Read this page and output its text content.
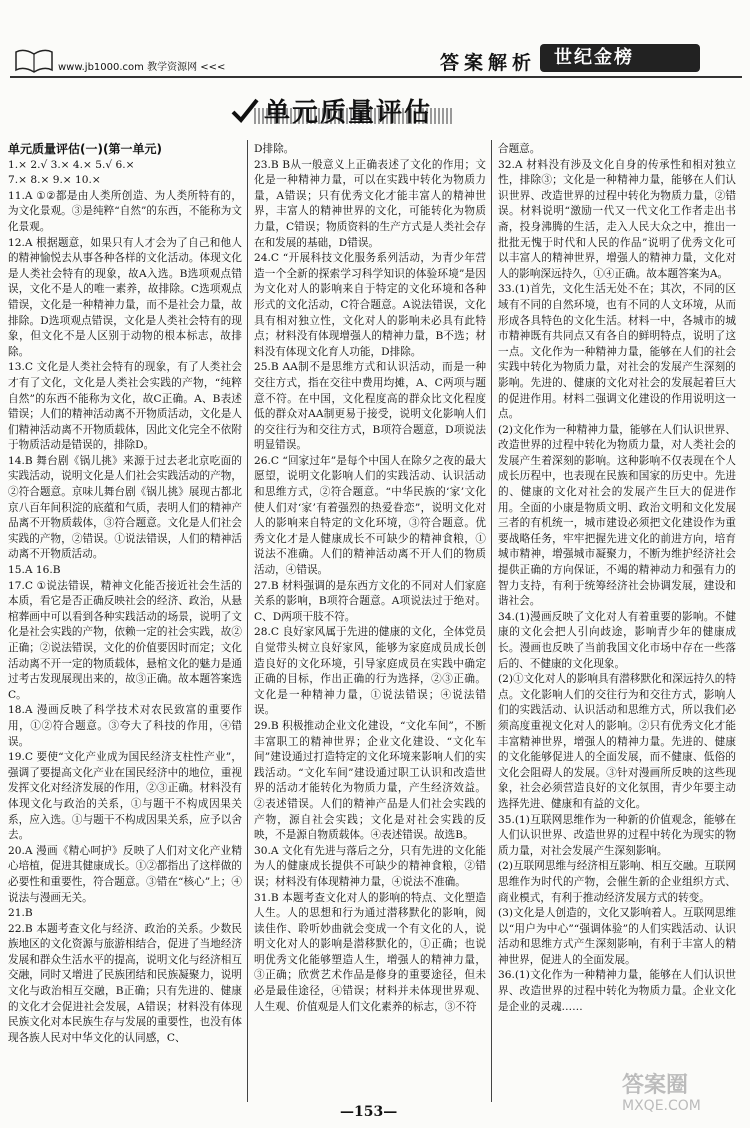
www.jb1000.com 教学资源网 <<<	答案解析 世纪金榜
单元质量评估

单元质量评估(一)(第一单元)

1.× 2.√ 3.× 4.× 5.√ 6.×

7.× 8.× 9.× 10.×

11.A ①②都是由人类所创造、为人类所特有的，为文化景观。③是纯粹“自然”的东西，不能称为文化景观。

12.A 根据题意，如果只有人才会为了自己和他人的精神愉悦去从事各种各样的文化活动。体现文化是人类社会特有的现象，故A入选。B选项观点错误，文化不是人的唯一素养，故排除。C选项观点错误，文化是一种精神力量，而不是社会力量，故排除。D选项观点错误，文化是人类社会特有的现象，但文化不是人区别于动物的根本标志，故排除。

13.C 文化是人类社会特有的现象，有了人类社会才有了文化，文化是人类社会实践的产物，“纯粹自然”的东西不能称为文化，故C正确。A、B表述错误；人们的精神活动离不开物质活动，文化是人们精神活动离不开物质载体，因此文化完全不依附于物质活动是错误的，排除D。

14.B 舞台剧《锅儿挑》来源于过去老北京吃面的实践活动，说明文化是人们社会实践活动的产物，②符合题意。京味儿舞台剧《锅儿挑》展现古都北京八百年间积淀的底蕴和气质，表明人们的精神产品离不开物质载体，③符合题意。文化是人们社会实践的产物，②错误。①说法错误，人们的精神活动离不开物质活动。

15.A 16.B

17.C ①说法错误，精神文化能否接近社会生活的本质，看它是否正确反映社会的经济、政治，从悬棺葬画中可以看到各种实践活动的场景，说明了文化是社会实践的产物，依赖一定的社会实践，故②正确；②说法错误，文化的价值要因时而定；文化活动离不开一定的物质载体，悬棺文化的魅力是通过考古发现展现出来的，故③正确。故本题答案选C。

18.A 漫画反映了科学技术对农民致富的重要作用，①②符合题意。③夸大了科技的作用，④错误。

19.C 要使“文化产业成为国民经济支柱性产业”，强调了要提高文化产业在国民经济中的地位，重视发挥文化对经济发展的作用，②③正确。材料没有体现文化与政治的关系，①与题干不构成因果关系，应入选。①与题干不构成因果关系，应予以舍去。

20.A 漫画《精心呵护》反映了人们对文化产业精心培植，促进其健康成长。①②都指出了这样做的必要性和重要性，符合题意。③错在“核心”上；④说法与漫画无关。

21.B

22.B 本题考查文化与经济、政治的关系。少数民族地区的文化资源与旅游相结合，促进了当地经济发展和群众生活水平的提高，说明文化与经济相互交融，同时又增进了民族团结和民族凝聚力，说明文化与政治相互交融，B正确；只有先进的、健康的文化才会促进社会发展，A错误；材料没有体现民族文化对本民族生存与发展的重要性，也没有体现各族人民对中华文化的认同感，C、

D排除。

23.B B从一般意义上正确表述了文化的作用；文化是一种精神力量，可以在实践中转化为物质力量，A错误；只有优秀文化才能丰富人的精神世界，丰富人的精神世界的文化，可能转化为物质力量，C错误；物质资料的生产方式是人类社会存在和发展的基础，D错误。

24.C “开展科技文化服务系列活动，为青少年营造一个全新的探索学习科学知识的体验环境”是因为文化对人的影响来自于特定的文化环境和各种形式的文化活动，C符合题意。A说法错误，文化具有相对独立性，文化对人的影响未必具有此特点；材料没有体现增强人的精神力量，B不选；材料没有体现文化育人功能，D排除。

25.B AA制不是思维方式和认识活动，而是一种交往方式，指在交往中费用均摊，A、C两项与题意不符。在中国，文化程度高的群众比文化程度低的群众对AA制更易于接受，说明文化影响人们的交往行为和交往方式，B项符合题意，D项说法明显错误。

26.C “回家过年”是每个中国人在除夕之夜的最大愿望，说明文化影响人们的实践活动、认识活动和思维方式，②符合题意。“中华民族的‘家’文化使人们对‘家’有着强烈的热爱眷恋”，说明文化对人的影响来自特定的文化环境，③符合题意。优秀文化才是人健康成长不可缺少的精神食粮，①说法不准确。人们的精神活动离不开人们的物质活动，④错误。

27.B 材料强调的是东西方文化的不同对人们家庭关系的影响，B项符合题意。A项说法过于绝对。C、D两项干肢不符。

28.C 良好家风属于先进的健康的文化，全体党员自觉带头树立良好家风，能够为家庭成员成长创造良好的文化环境，引导家庭成员在实践中确定正确的目标，作出正确的行为选择，②③正确。文化是一种精神力量，①说法错误；④说法错误。

29.B 积极推动企业文化建设，“文化车间”，不断丰富职工的精神世界；企业文化建设、“文化车间”建设通过打造特定的文化环境来影响人们的实践活动。“文化车间”建设通过职工认识和改造世界的活动才能转化为物质力量，产生经济效益。②表述错误。人们的精神产品是人们社会实践的产物，源自社会实践；文化是对社会实践的反映，不是源自物质载体。④表述错误。故选B。

30.A 文化有先进与落后之分，只有先进的文化能为人的健康成长提供不可缺少的精神食粮，②错误；材料没有体现精神力量，④说法不准确。

31.B 本题考查文化对人的影响的特点、文化塑造人生。人的思想和行为通过潜移默化的影响，阅读佳作、聆听妙曲就会变成一个有文化的人，说明文化对人的影响是潜移默化的，①正确；也说明优秀文化能够塑造人生，增强人的精神力量，③正确；欣赏艺术作品是修身的重要途径，但未必是最佳途径，④错误；材料并未体现世界观、人生观、价值观是人们文化素养的标志，③不符

合题意。

32.A 材料没有涉及文化自身的传承性和相对独立性，排除③；文化是一种精神力量，能够在人们认识世界、改造世界的过程中转化为物质力量，②错误。材料说明“激励一代又一代文化工作者走出书斋，投身沸腾的生活，走入人民大众之中，推出一批批无愧于时代和人民的作品”说明了优秀文化可以丰富人的精神世界，增强人的精神力量，文化对人的影响深远持久，①④正确。故本题答案为A。

33.(1)首先，文化生活无处不在；其次，不同的区域有不同的自然环境，也有不同的人文环境，从而形成各具特色的文化生活。材料一中，各城市的城市精神既有共同点又有各自的鲜明特点，说明了这一点。文化作为一种精神力量，能够在人们的社会实践中转化为物质力量，对社会的发展产生深刻的影响。先进的、健康的文化对社会的发展起着巨大的促进作用。材料二强调文化建设的作用说明这一点。

(2)文化作为一种精神力量，能够在人们认识世界、改造世界的过程中转化为物质力量，对人类社会的发展产生着深刻的影响。这种影响不仅表现在个人成长历程中，也表现在民族和国家的历史中。先进的、健康的文化对社会的发展产生巨大的促进作用。全面的小康是物质文明、政治文明和文化发展三者的有机统一，城市建设必须把文化建设作为重要战略任务，牢牢把握先进文化的前进方向，培育城市精神，增强城市凝聚力，不断为维护经济社会提供正确的方向保证，不竭的精神动力和强有力的智力支持，有利于统筹经济社会协调发展，建设和谐社会。

34.(1)漫画反映了文化对人有着重要的影响。不健康的文化会把人引向歧途，影响青少年的健康成长。漫画也反映了当前我国文化市场中存在一些落后的、不健康的文化现象。

(2)①文化对人的影响具有潜移默化和深远持久的特点。文化影响人们的交往行为和交往方式，影响人们的实践活动、认识活动和思维方式，所以我们必须高度重视文化对人的影响。②只有优秀文化才能丰富精神世界，增强人的精神力量。先进的、健康的文化能够促进人的全面发展，而不健康、低俗的文化会阻碍人的发展。③针对漫画所反映的这些现象，社会必须营造良好的文化氛围，青少年要主动选择先进、健康和有益的文化。

35.(1)互联网思维作为一种新的价值观念，能够在人们认识世界、改造世界的过程中转化为现实的物质力量，对社会发展产生深刻影响。

(2)互联网思维与经济相互影响、相互交融。互联网思维作为时代的产物，会催生新的企业组织方式、商业模式，有利于推动经济发展方式的转变。

(3)文化是人创造的，文化又影响着人。互联网思维以“用户为中心”“强调体验”的人们实践活动、认识活动和思维方式产生深刻影响，有利于丰富人的精神世界，促进人的全面发展。

36.(1)文化作为一种精神力量，能够在人们认识世界、改造世界的过程中转化为物质力量。企业文化是企业的灵魂……

—153—
答案圈
MXQE.COM
